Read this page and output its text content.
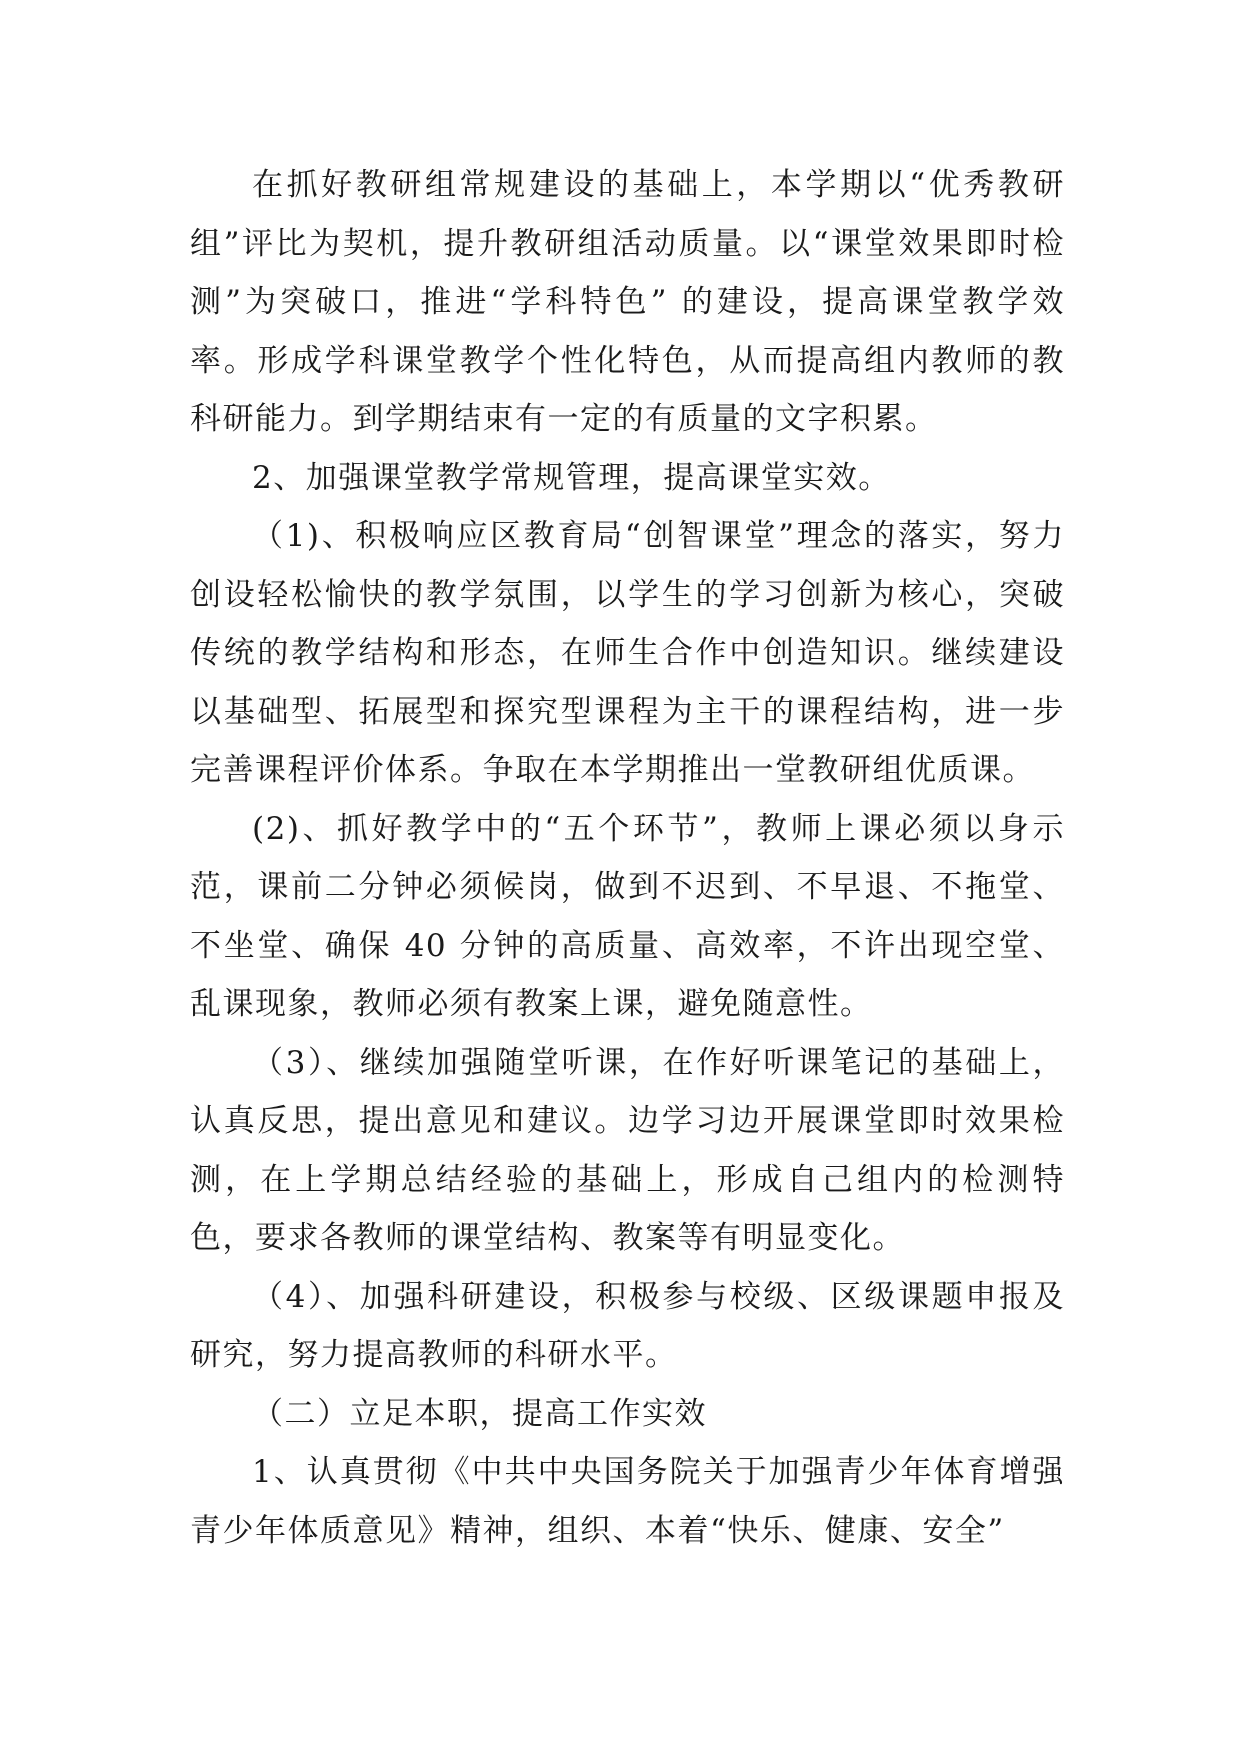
在抓好教研组常规建设的基础上，本学期以“优秀教研组”评比为契机，提升教研组活动质量。以“课堂效果即时检测”为突破口，推进“学科特色” 的建设，提高课堂教学效率。形成学科课堂教学个性化特色，从而提高组内教师的教科研能力。到学期结束有一定的有质量的文字积累。

2、加强课堂教学常规管理，提高课堂实效。

（1)、积极响应区教育局“创智课堂”理念的落实，努力创设轻松愉快的教学氛围，以学生的学习创新为核心，突破传统的教学结构和形态，在师生合作中创造知识。继续建设以基础型、拓展型和探究型课程为主干的课程结构，进一步完善课程评价体系。争取在本学期推出一堂教研组优质课。

(2)、抓好教学中的“五个环节”，教师上课必须以身示范，课前二分钟必须候岗，做到不迟到、不早退、不拖堂、不坐堂、确保 40 分钟的高质量、高效率，不许出现空堂、乱课现象，教师必须有教案上课，避免随意性。

（3）、继续加强随堂听课，在作好听课笔记的基础上，认真反思，提出意见和建议。边学习边开展课堂即时效果检测，在上学期总结经验的基础上，形成自己组内的检测特色，要求各教师的课堂结构、教案等有明显变化。

（4）、加强科研建设，积极参与校级、区级课题申报及研究，努力提高教师的科研水平。

（二）立足本职，提高工作实效

1、认真贯彻《中共中央国务院关于加强青少年体育增强青少年体质意见》精神，组织、本着“快乐、健康、安全”
